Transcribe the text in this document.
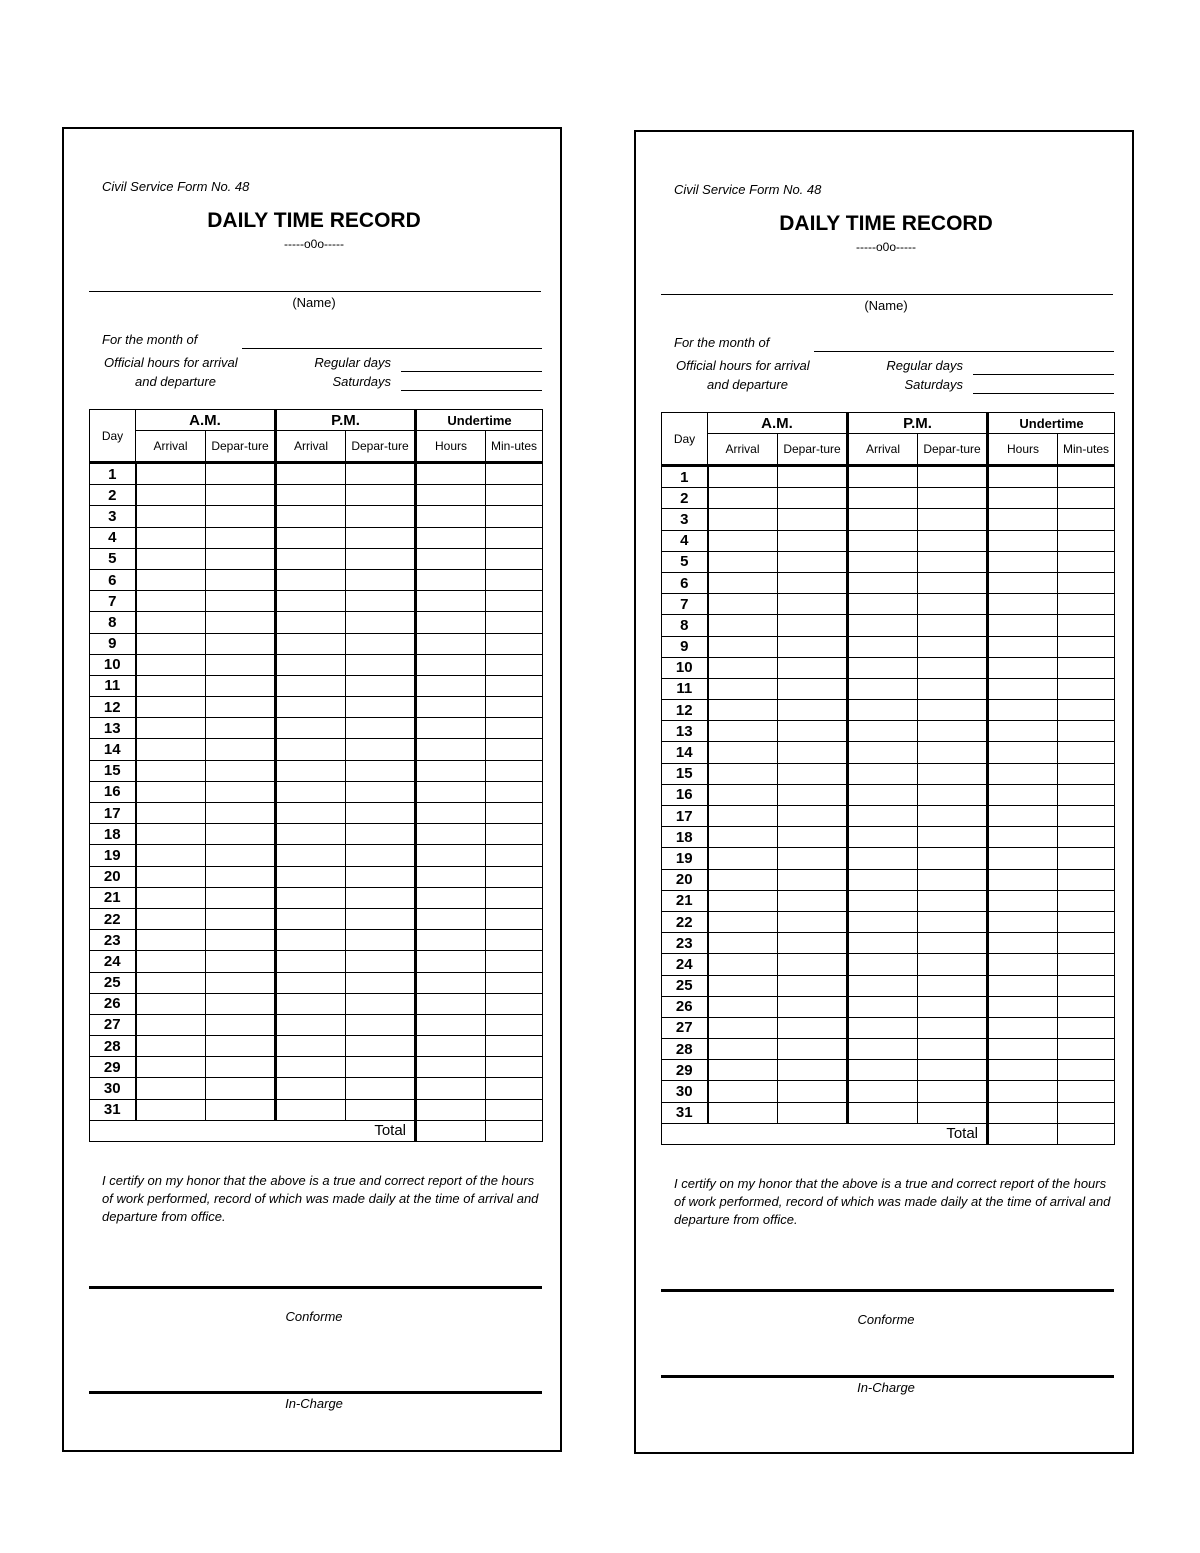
Civil Service Form No. 48
DAILY TIME RECORD
-----o0o-----
(Name)
For the month of
Official hours for arrival
and departure
Regular days
Saturdays
Day	A.M.		P.M.		Undertime	
	Arrival	Depar-ture	Arrival	Depar-ture	Hours	Min-utes
1						
2						
3						
4						
5						
6						
7						
8						
9						
10						
11						
12						
13						
14						
15						
16						
17						
18						
19						
20						
21						
22						
23						
24						
25						
26						
27						
28						
29						
30						
31						
Total						
I certify on my honor that the above is a true and correct report of the hours of work performed, record of which was made daily at the time of arrival and departure from office.
Conforme
In-Charge
Civil Service Form No. 48
DAILY TIME RECORD
-----o0o-----
(Name)
For the month of
Official hours for arrival
and departure
Regular days
Saturdays
Day	A.M.		P.M.		Undertime	
	Arrival	Depar-ture	Arrival	Depar-ture	Hours	Min-utes
1						
2						
3						
4						
5						
6						
7						
8						
9						
10						
11						
12						
13						
14						
15						
16						
17						
18						
19						
20						
21						
22						
23						
24						
25						
26						
27						
28						
29						
30						
31						
Total						
I certify on my honor that the above is a true and correct report of the hours of work performed, record of which was made daily at the time of arrival and departure from office.
Conforme
In-Charge
